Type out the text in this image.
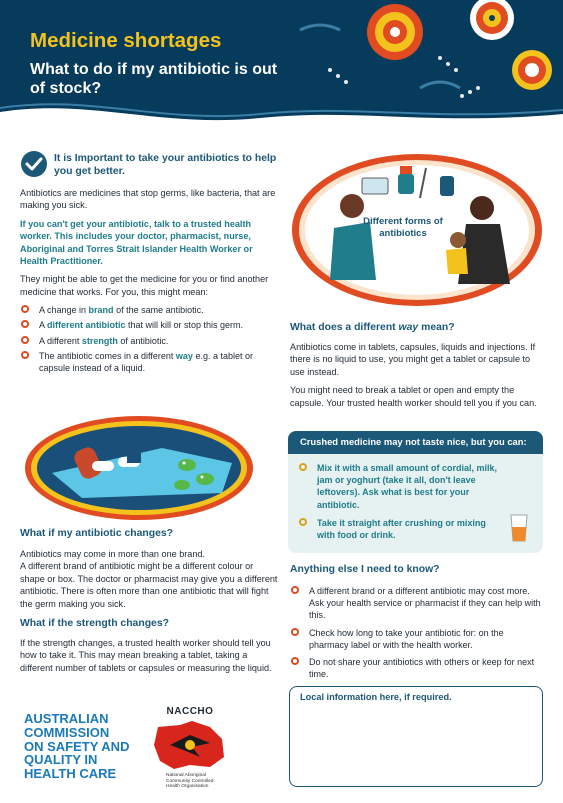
Medicine shortages
What to do if my antibiotic is out of stock?
It is Important to take your antibiotics to help you get better.

Antibiotics are medicines that stop germs, like bacteria, that are making you sick.

If you can't get your antibiotic, talk to a trusted health worker. This includes your doctor, pharmacist, nurse, Aboriginal and Torres Strait Islander Health Worker or Health Practitioner.

They might be able to get the medicine for you or find another medicine that works. For you, this might mean:

A change in brand of the same antibiotic.
A different antibiotic that will kill or stop this germ.
A different strength of antibiotic.
The antibiotic comes in a different way e.g. a tablet or capsule instead of a liquid.
What if my antibiotic changes?

Antibiotics may come in more than one brand.

A different brand of antibiotic might be a different colour or shape or box. The doctor or pharmacist may give you a different antibiotic. There is often more than one antibiotic that will fight the germ making you sick.

What if the strength changes?

If the strength changes, a trusted health worker should tell you how to take it. This may mean breaking a tablet, taking a different number of tablets or capsules or measuring the liquid.

AUSTRALIAN
COMMISSION
ON SAFETY AND
QUALITY IN
HEALTH CARE
NACCHO
National Aboriginal Community Controlled Health Organisation
Different forms of antibiotics
What does a different way mean?

Antibiotics come in tablets, capsules, liquids and injections. If there is no liquid to use, you might get a tablet or capsule to use instead.

You might need to break a tablet or open and empty the capsule. Your trusted health worker should tell you if you can.

Crushed medicine may not taste nice, but you can:
Mix it with a small amount of cordial, milk, jam or yoghurt (take it all, don't leave leftovers). Ask what is best for your antibiotic.
Take it straight after crushing or mixing with food or drink.
Anything else I need to know?
A different brand or a different antibiotic may cost more. Ask your health service or pharmacist if they can help with this.
Check how long to take your antibiotic for: on the pharmacy label or with the health worker.
Do not share your antibiotics with others or keep for next time.
Local information here, if required.
